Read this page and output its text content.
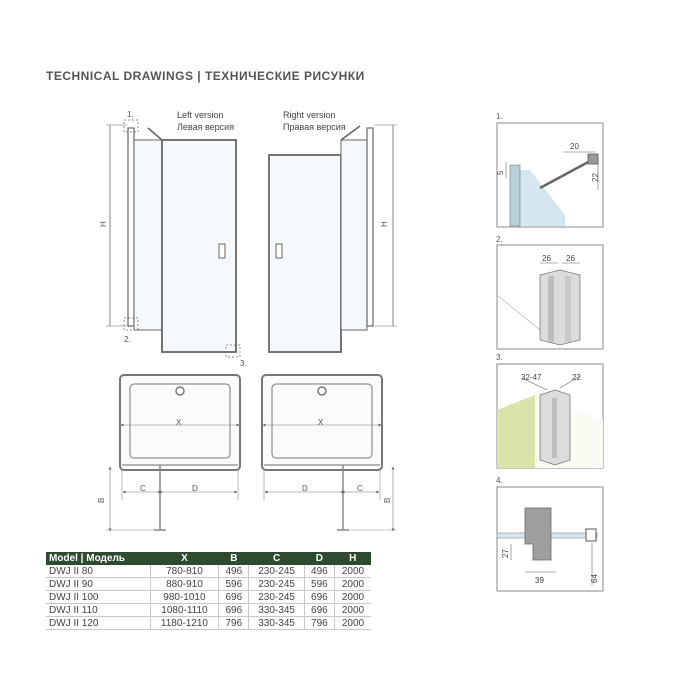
TECHNICAL DRAWINGS | ТЕХНИЧЕСКИЕ РИСУНКИ
H
1.
2.
3.
Left version
Левая версия
H
Right version
Правая версия
X
B
C	D
X
B
D	C
1.
20
5
22
2.
26 26
3.
32-47	22
4.
27
39	64
Model | Модель	X	B	C	D	H
DWJ II 80	780-810	496	230-245	496	2000
DWJ II 90	880-910	596	230-245	596	2000
DWJ II 100	980-1010	696	230-245	696	2000
DWJ II 110	1080-1110	696	330-345	696	2000
DWJ II 120	1180-1210	796	330-345	796	2000
